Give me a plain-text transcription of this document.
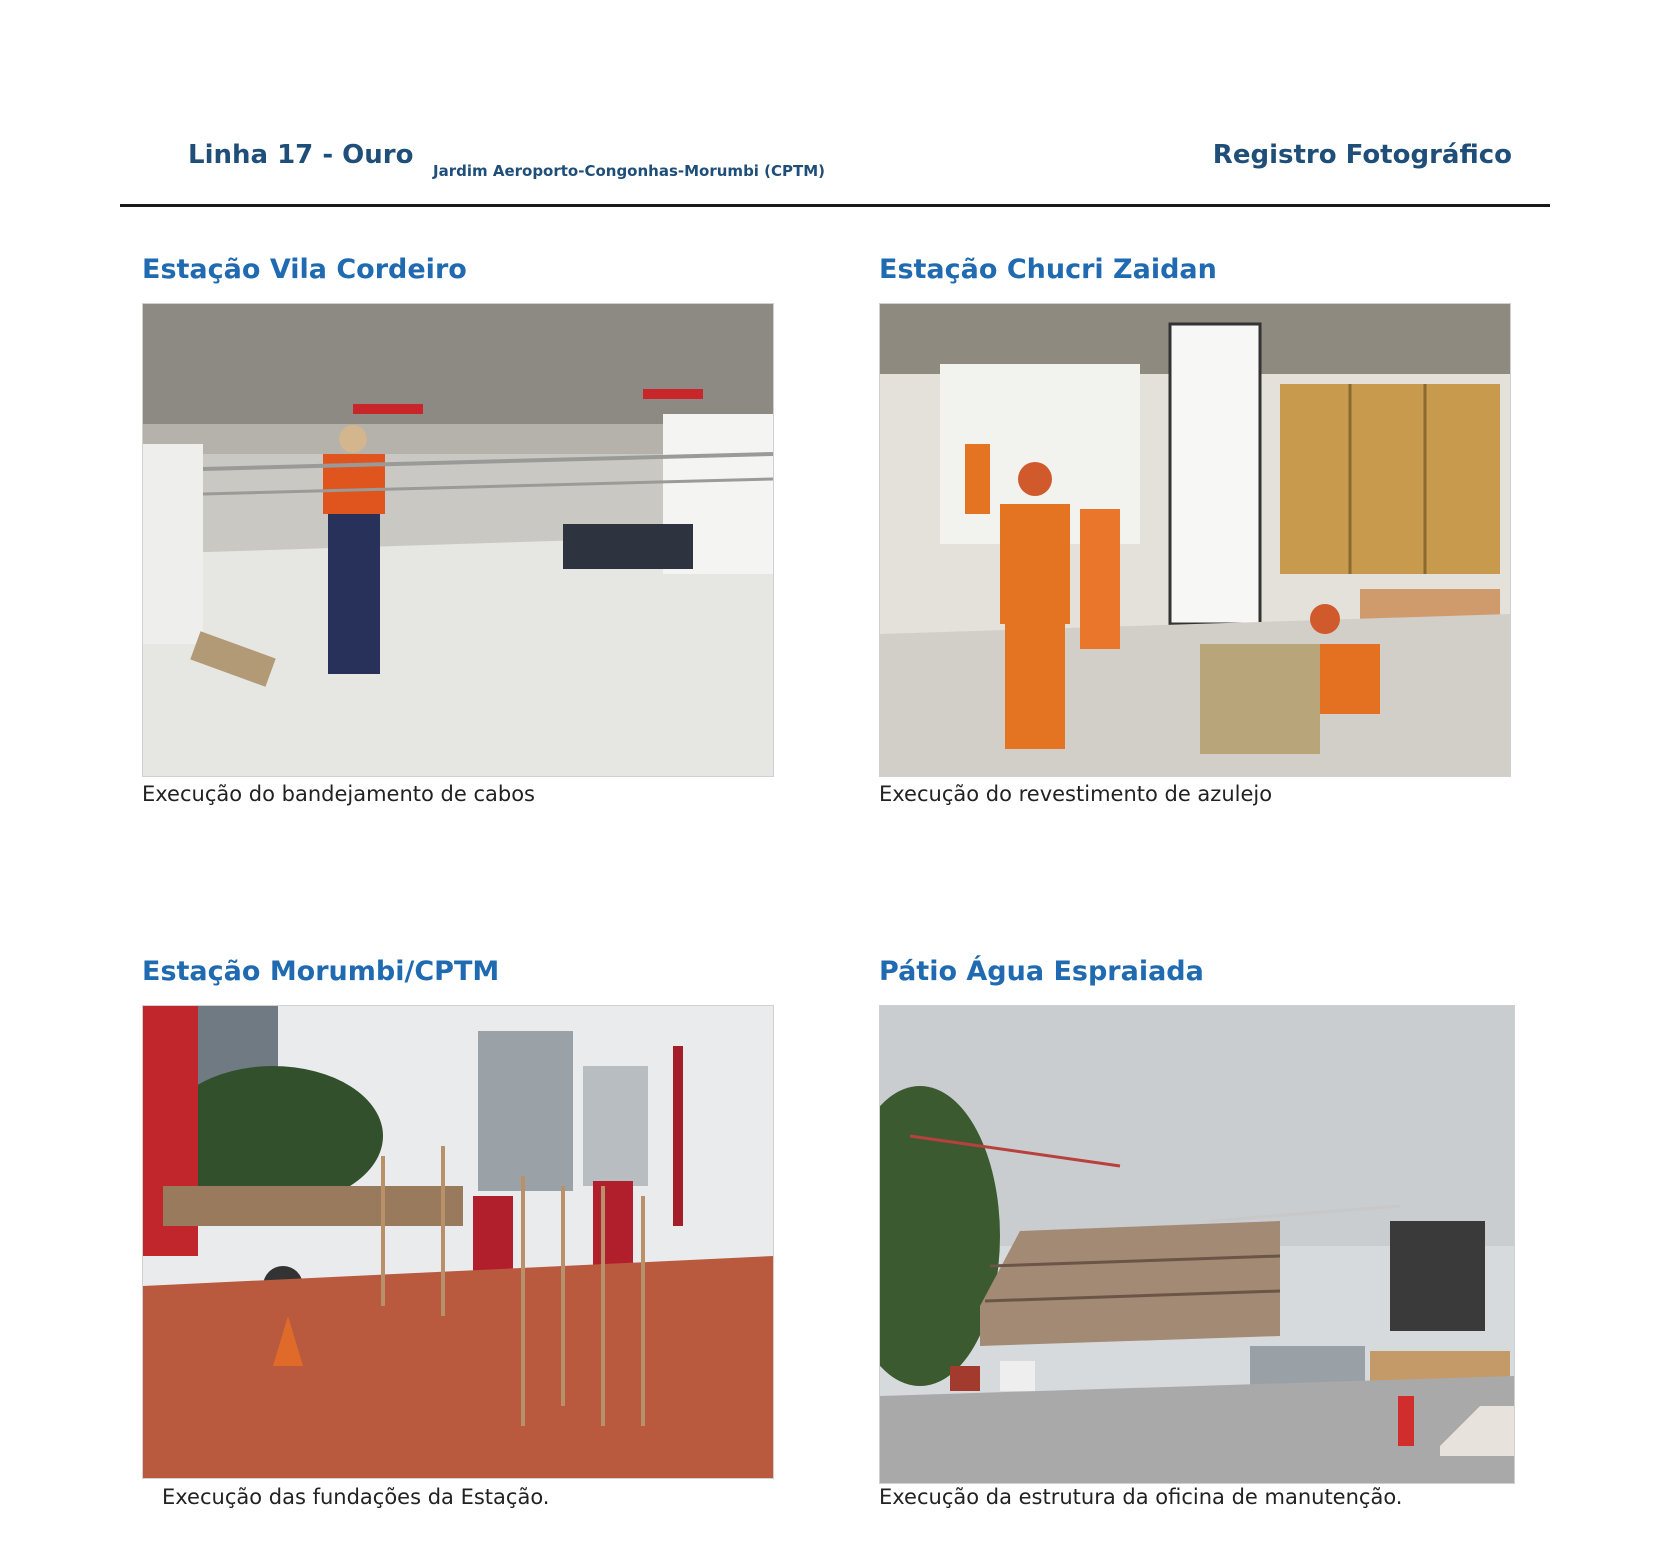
Linha 17 - Ouro
Jardim Aeroporto-Congonhas-Morumbi (CPTM)
Registro Fotográfico
Estação Vila Cordeiro
Execução do bandejamento de cabos
Estação Chucri Zaidan
Execução do revestimento de azulejo
Estação Morumbi/CPTM
Execução das fundações da Estação.
Pátio Água Espraiada
Execução da estrutura da oficina de manutenção.
